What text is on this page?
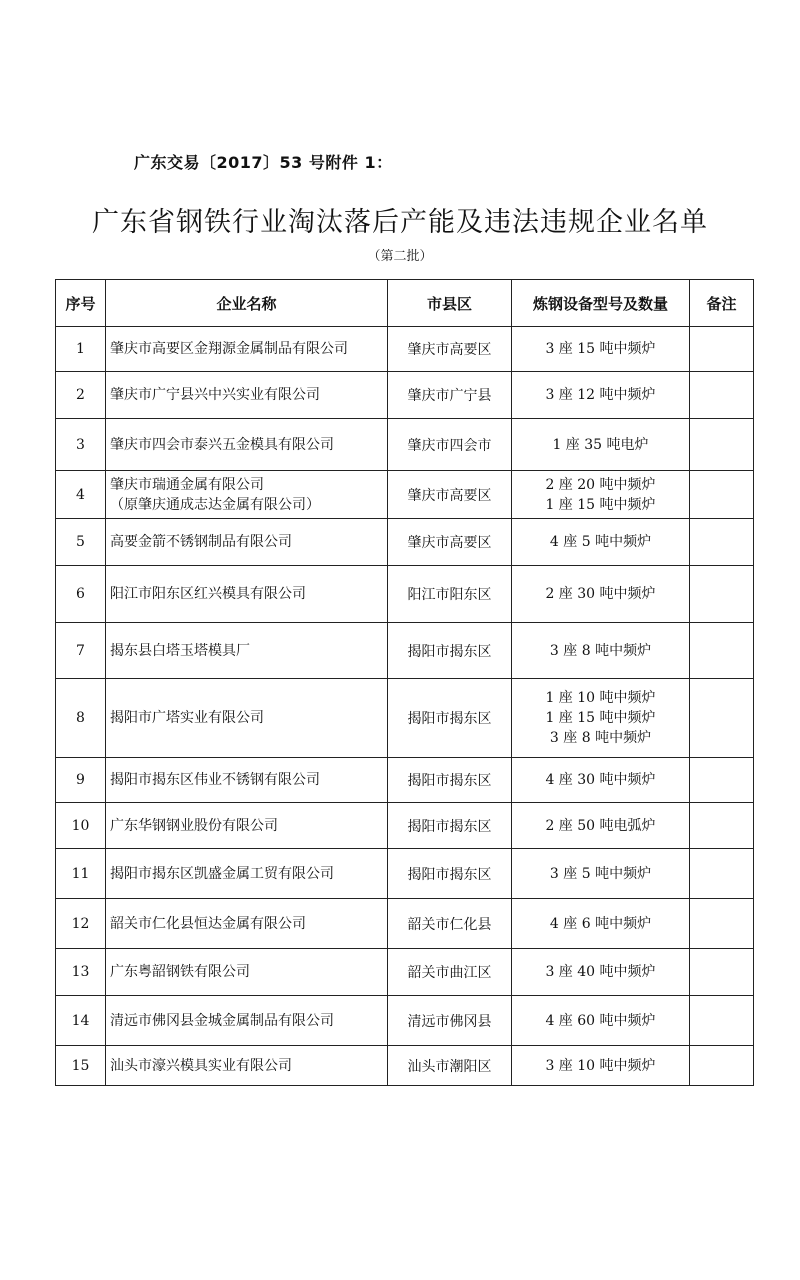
广东交易〔2017〕53 号附件 1：
广东省钢铁行业淘汰落后产能及违法违规企业名单
（第二批）
序号	企业名称	市县区	炼钢设备型号及数量	备注
1	肇庆市高要区金翔源金属制品有限公司	肇庆市高要区	3 座 15 吨中频炉	

2	肇庆市广宁县兴中兴实业有限公司	肇庆市广宁县	3 座 12 吨中频炉	

3	肇庆市四会市泰兴五金模具有限公司	肇庆市四会市	1 座 35 吨电炉	

4	肇庆市瑞通金属有限公司
（原肇庆通成志达金属有限公司）	肇庆市高要区	2 座 20 吨中频炉
1 座 15 吨中频炉	

5	高要金箭不锈钢制品有限公司	肇庆市高要区	4 座 5 吨中频炉	

6	阳江市阳东区红兴模具有限公司	阳江市阳东区	2 座 30 吨中频炉	

7	揭东县白塔玉塔模具厂	揭阳市揭东区	3 座 8 吨中频炉	

8	揭阳市广塔实业有限公司	揭阳市揭东区	1 座 10 吨中频炉
1 座 15 吨中频炉
3 座 8 吨中频炉	

9	揭阳市揭东区伟业不锈钢有限公司	揭阳市揭东区	4 座 30 吨中频炉	

10	广东华钢钢业股份有限公司	揭阳市揭东区	2 座 50 吨电弧炉	

11	揭阳市揭东区凯盛金属工贸有限公司	揭阳市揭东区	3 座 5 吨中频炉	

12	韶关市仁化县恒达金属有限公司	韶关市仁化县	4 座 6 吨中频炉	

13	广东粤韶钢铁有限公司	韶关市曲江区	3 座 40 吨中频炉	

14	清远市佛冈县金城金属制品有限公司	清远市佛冈县	4 座 60 吨中频炉	

15	汕头市濠兴模具实业有限公司	汕头市潮阳区	3 座 10 吨中频炉	
